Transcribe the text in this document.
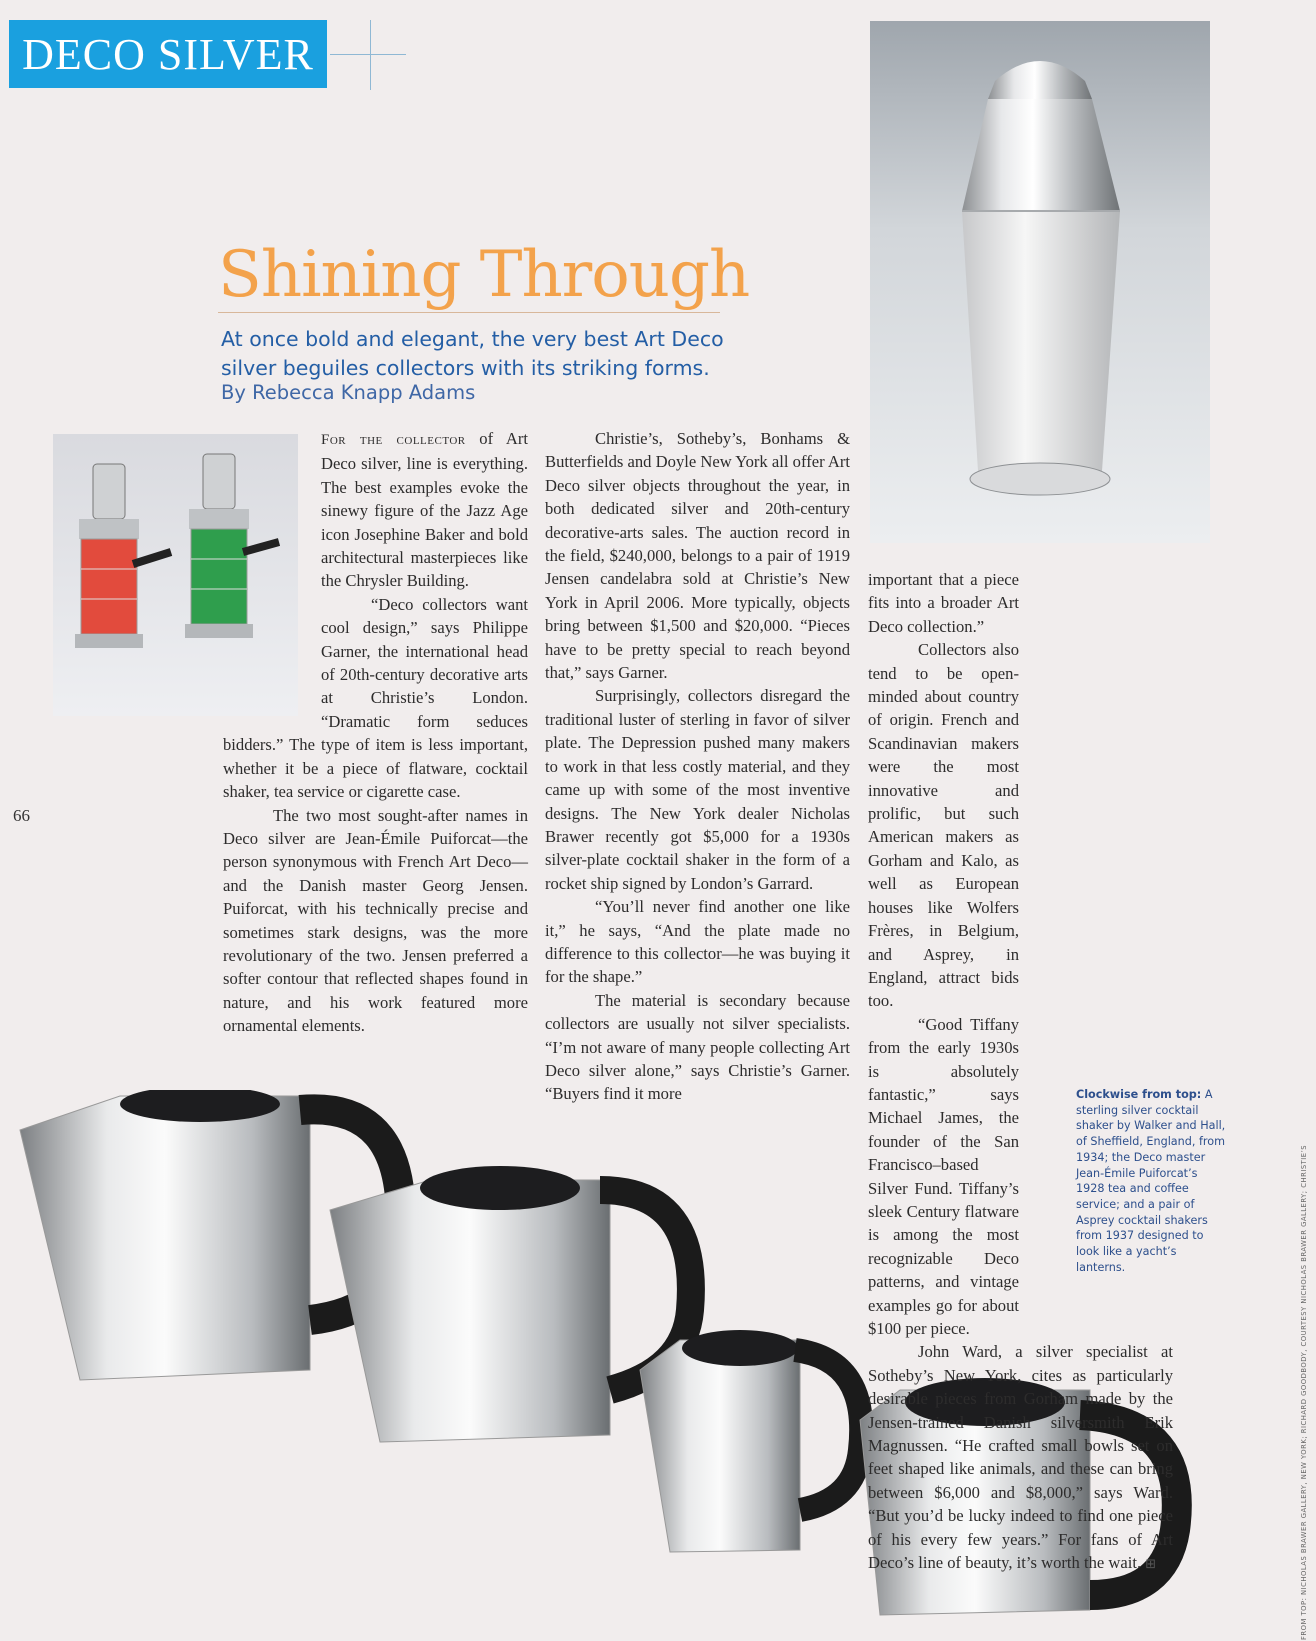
DECO SILVER
Shining Through
At once bold and elegant, the very best Art Deco silver beguiles collectors with its striking forms.
By Rebecca Knapp Adams

For the collector of Art Deco silver, line is everything. The best examples evoke the sinewy figure of the Jazz Age icon Josephine Baker and bold architectural masterpieces like the Chrysler Building.

“Deco collectors want cool design,” says Philippe Garner, the international head of 20th-century decorative arts at Christie’s London. “Dramatic form seduces bidders.” The type of item is less important, whether it be a piece of flatware, cocktail shaker, tea service or cigarette case.

The two most sought-after names in Deco silver are Jean-Émile Puiforcat—the person synonymous with French Art Deco—and the Danish master Georg Jensen. Puiforcat, with his technically precise and sometimes stark designs, was the more revolutionary of the two. Jensen preferred a softer contour that reflected shapes found in nature, and his work featured more ornamental elements.

Christie’s, Sotheby’s, Bonhams & Butterfields and Doyle New York all offer Art Deco silver objects throughout the year, in both dedicated silver and 20th-century decorative-arts sales. The auction record in the field, $240,000, belongs to a pair of 1919 Jensen candelabra sold at Christie’s New York in April 2006. More typically, objects bring between $1,500 and $20,000. “Pieces have to be pretty special to reach beyond that,” says Garner.

Surprisingly, collectors disregard the traditional luster of sterling in favor of silver plate. The Depression pushed many makers to work in that less costly material, and they came up with some of the most inventive designs. The New York dealer Nicholas Brawer recently got $5,000 for a 1930s silver-plate cocktail shaker in the form of a rocket ship signed by London’s Garrard.

“You’ll never find another one like it,” he says, “And the plate made no difference to this collector—he was buying it for the shape.”

The material is secondary because collectors are usually not silver specialists. “I’m not aware of many people collecting Art Deco silver alone,” says Christie’s Garner. “Buyers find it more

important that a piece fits into a broader Art Deco collection.”

Collectors also tend to be open-minded about country of origin. French and Scandinavian makers were the most innovative and prolific, but such American makers as Gorham and Kalo, as well as European houses like Wolfers Frères, in Belgium, and Asprey, in England, attract bids too.

“Good Tiffany from the early 1930s is absolutely fantastic,” says Michael James, the founder of the San Francisco–based Silver Fund. Tiffany’s sleek Century flatware is among the most recognizable Deco patterns, and vintage examples go for about $100 per piece.

John Ward, a silver specialist at Sotheby’s New York, cites as particularly desirable pieces from Gorham made by the Jensen-trained Danish silversmith Erik Magnussen. “He crafted small bowls set on feet shaped like animals, and these can bring between $6,000 and $8,000,” says Ward. “But you’d be lucky indeed to find one piece of his every few years.” For fans of Art Deco’s line of beauty, it’s worth the wait. ⊞

Clockwise from top: A sterling silver cocktail shaker by Walker and Hall, of Sheffield, England, from 1934; the Deco master Jean-Émile Puiforcat’s 1928 tea and coffee service; and a pair of Asprey cocktail shakers from 1937 designed to look like a yacht’s lanterns.
66
FROM TOP: NICHOLAS BRAWER GALLERY, NEW YORK; RICHARD GOODBODY, COURTESY NICHOLAS BRAWER GALLERY; CHRISTIE’S
